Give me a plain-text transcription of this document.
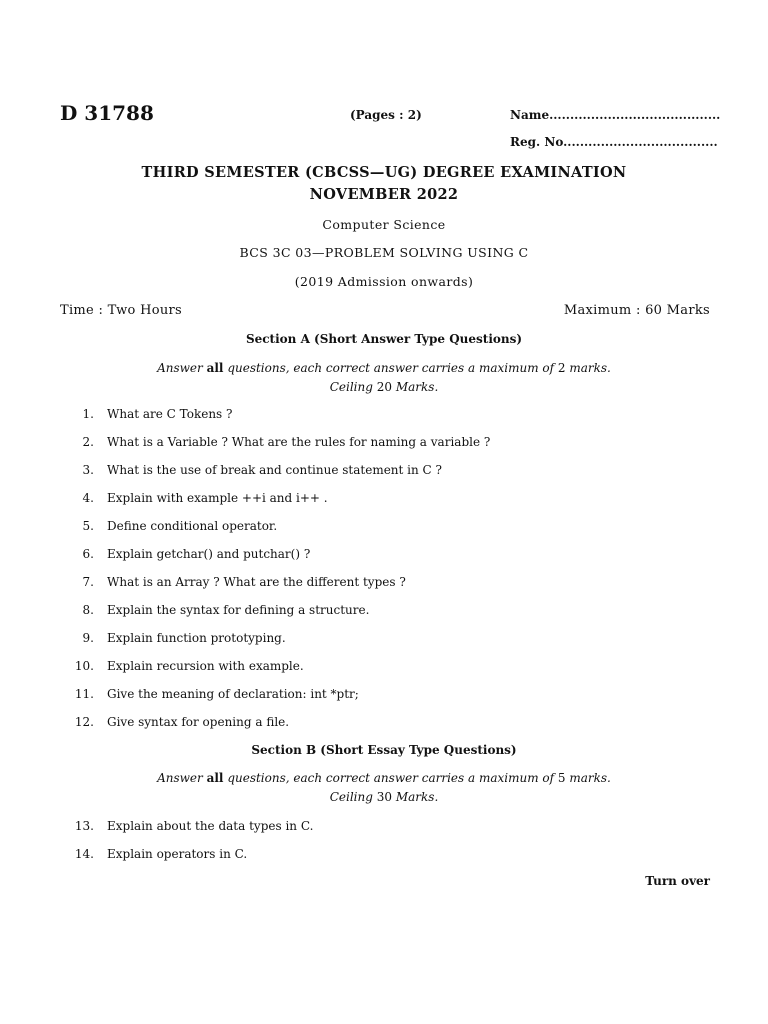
D 31788	(Pages : 2)	Name.........................................
Reg. No.....................................
THIRD SEMESTER (CBCSS—UG) DEGREE EXAMINATION
NOVEMBER 2022
Computer Science
BCS 3C 03—PROBLEM SOLVING USING C
(2019 Admission onwards)
Time : Two Hours	Maximum : 60 Marks
Section A (Short Answer Type Questions)
Answer all questions, each correct answer carries a maximum of 2 marks.
Ceiling 20 Marks.
1. What are C Tokens ?
2. What is a Variable ? What are the rules for naming a variable ?
3. What is the use of break and continue statement in C ?
4. Explain with example ++i and i++ .
5. Define conditional operator.
6. Explain getchar() and putchar() ?
7. What is an Array ? What are the different types ?
8. Explain the syntax for defining a structure.
9. Explain function prototyping.
10. Explain recursion with example.
11. Give the meaning of declaration: int *ptr;
12. Give syntax for opening a file.
Section B (Short Essay Type Questions)
Answer all questions, each correct answer carries a maximum of 5 marks.
Ceiling 30 Marks.
13. Explain about the data types in C.
14. Explain operators in C.
Turn over
